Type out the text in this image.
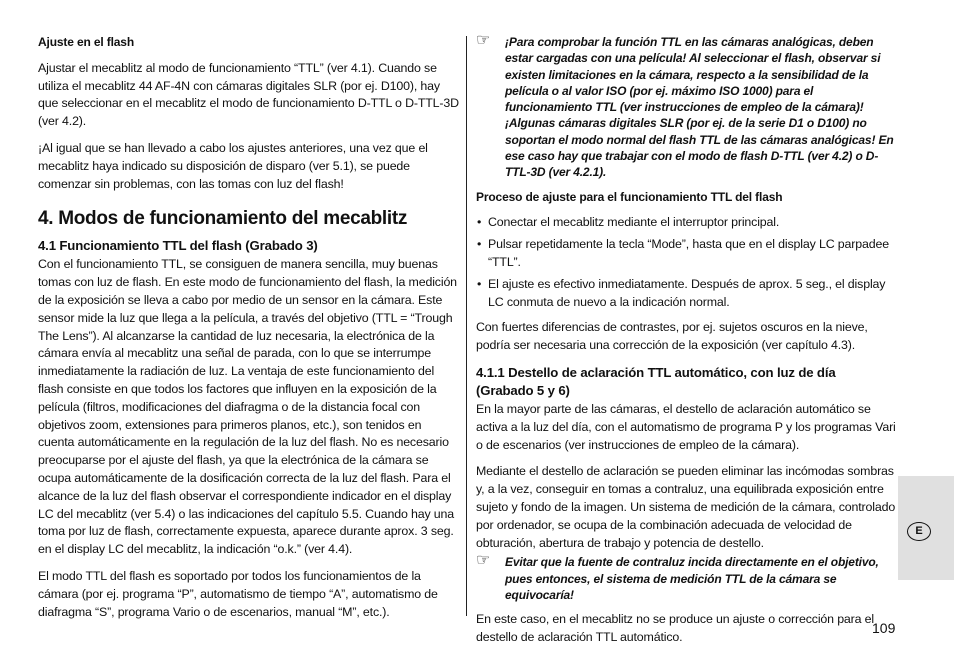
Ajuste en el flash

Ajustar el mecablitz al modo de funcionamiento “TTL” (ver 4.1). Cuando se utiliza el mecablitz 44 AF-4N con cámaras digitales SLR (por ej. D100), hay que seleccionar en el mecablitz el modo de funcionamiento D-TTL o D-TTL-3D (ver 4.2).

¡Al igual que se han llevado a cabo los ajustes anteriores, una vez que el mecablitz haya indicado su disposición de disparo (ver 5.1), se puede comenzar sin problemas, con las tomas con luz del flash!

4. Modos de funcionamiento del mecablitz
4.1 Funcionamiento TTL del flash (Grabado 3)

Con el funcionamiento TTL, se consiguen de manera sencilla, muy buenas tomas con luz de flash. En este modo de funcionamiento del flash, la medición de la exposición se lleva a cabo por medio de un sensor en la cámara. Este sensor mide la luz que llega a la película, a través del objetivo (TTL = “Trough The Lens”). Al alcanzarse la cantidad de luz necesaria, la electrónica de la cámara envía al mecablitz una señal de parada, con lo que se interrumpe inmediatamente la radiación de luz. La ventaja de este funcionamiento del flash consiste en que todos los factores que influyen en la exposición de la película (filtros, modificaciones del diafragma o de la distancia focal con objetivos zoom, extensiones para primeros planos, etc.), son tenidos en cuenta automáticamente en la regulación de la luz del flash. No es necesario preocuparse por el ajuste del flash, ya que la electrónica de la cámara se ocupa automáticamente de la dosificación correcta de la luz del flash. Para el alcance de la luz del flash observar el correspondiente indicador en el display LC del mecablitz (ver 5.4) o las indicaciones del capítulo 5.5. Cuando hay una toma por luz de flash, correctamente expuesta, aparece durante aprox. 3 seg. en el display LC del mecablitz, la indicación “o.k.” (ver 4.4).

El modo TTL del flash es soportado por todos los funcionamientos de la cámara (por ej. programa “P”, automatismo de tiempo “A”, automatismo de diafragma “S”, programa Vario o de escenarios, manual “M”, etc.).

☞ ¡Para comprobar la función TTL en las cámaras analógicas, deben estar cargadas con una película! Al seleccionar el flash, observar si existen limitaciones en la cámara, respecto a la sensibilidad de la película o al valor ISO (por ej. máximo ISO 1000) para el funcionamiento TTL (ver instrucciones de empleo de la cámara)!
¡Algunas cámaras digitales SLR (por ej. de la serie D1 o D100) no soportan el modo normal del flash TTL de las cámaras analógicas! En ese caso hay que trabajar con el modo de flash D-TTL (ver 4.2) o D-TTL-3D (ver 4.2.1).
Proceso de ajuste para el funcionamiento TTL del flash
• Conectar el mecablitz mediante el interruptor principal.
• Pulsar repetidamente la tecla “Mode”, hasta que en el display LC parpadee “TTL”.
• El ajuste es efectivo inmediatamente. Después de aprox. 5 seg., el display LC conmuta de nuevo a la indicación normal.

Con fuertes diferencias de contrastes, por ej. sujetos oscuros en la nieve, podría ser necesaria una corrección de la exposición (ver capítulo 4.3).

4.1.1 Destello de aclaración TTL automático, con luz de día (Grabado 5 y 6)

En la mayor parte de las cámaras, el destello de aclaración automático se activa a la luz del día, con el automatismo de programa P y los programas Vari o de escenarios (ver instrucciones de empleo de la cámara).

Mediante el destello de aclaración se pueden eliminar las incómodas sombras y, a la vez, conseguir en tomas a contraluz, una equilibrada exposición entre sujeto y fondo de la imagen. Un sistema de medición de la cámara, controlado por ordenador, se ocupa de la combinación adecuada de velocidad de obturación, abertura de trabajo y potencia de destello.

☞ Evitar que la fuente de contraluz incida directamente en el objetivo, pues entonces, el sistema de medición TTL de la cámara se equivocaría!

En este caso, en el mecablitz no se produce un ajuste o corrección para el destello de aclaración TTL automático.

E
109
